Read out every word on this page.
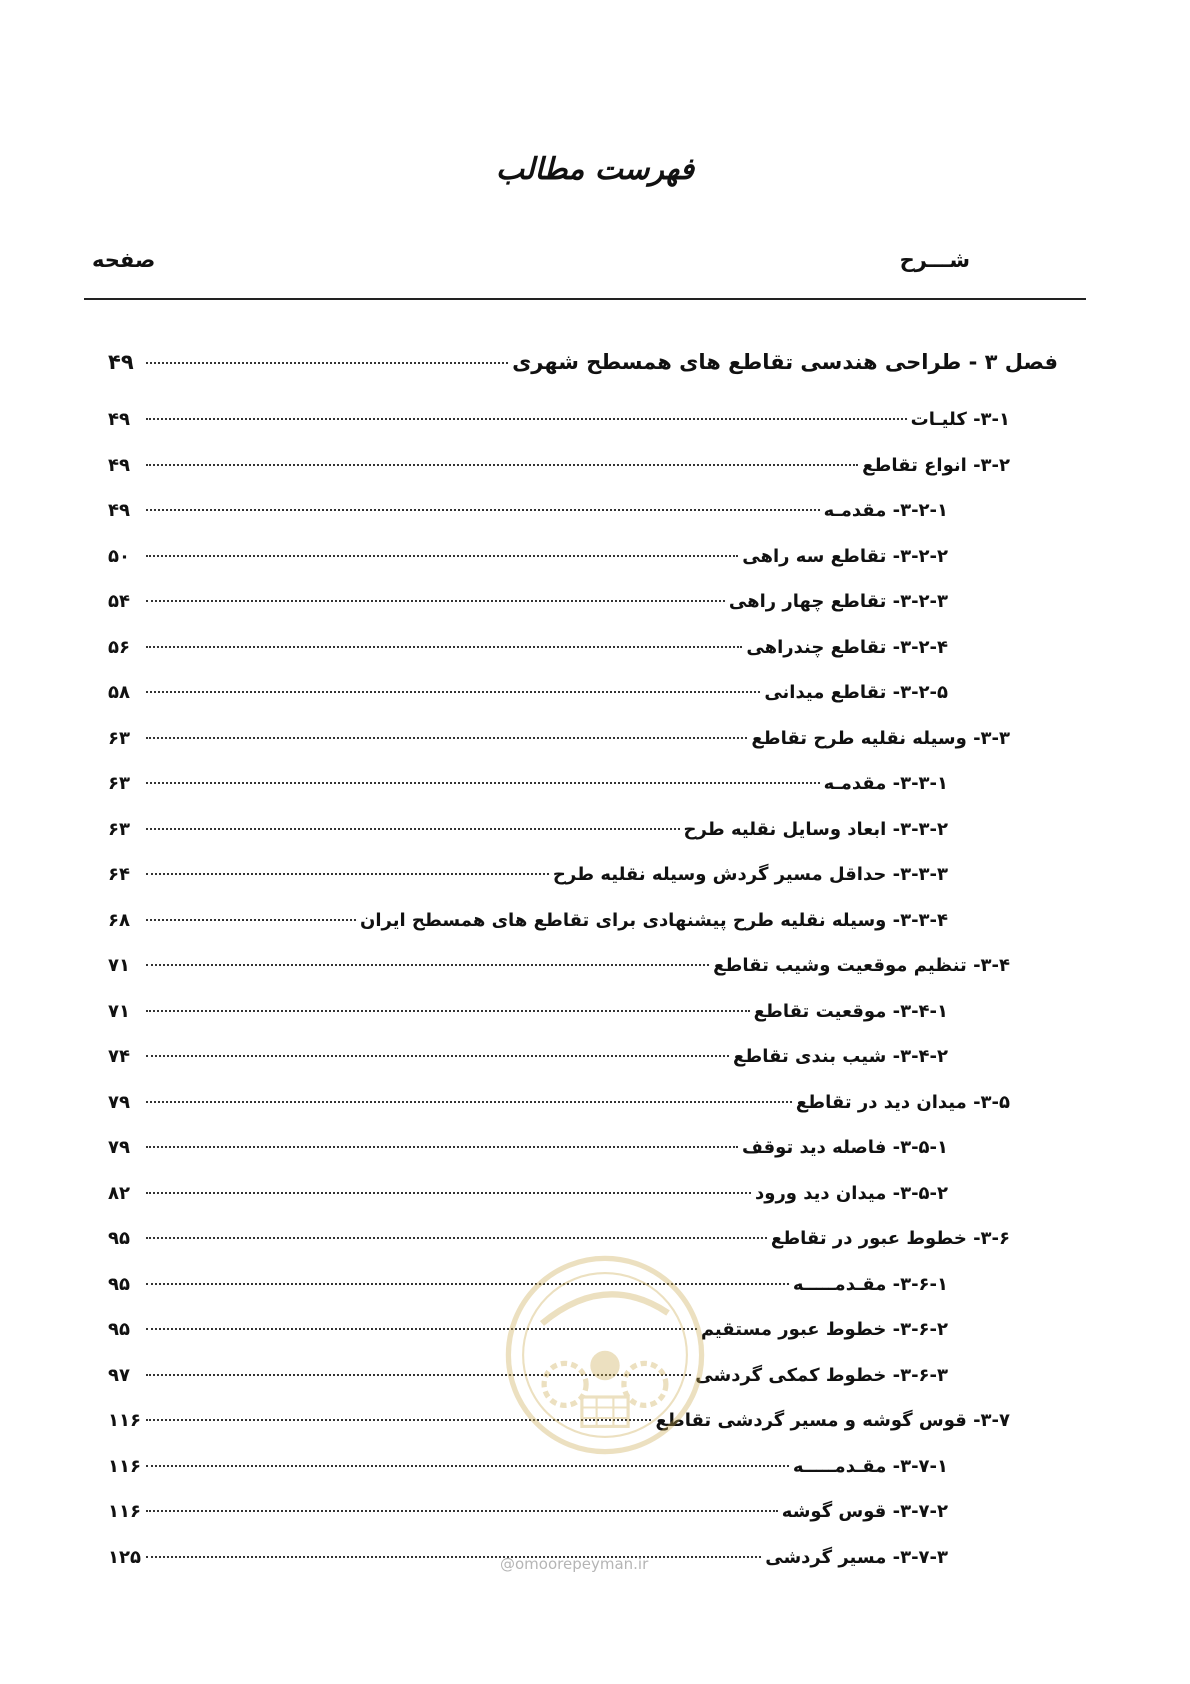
فهرست مطالب
شـــرح
صفحه
فصل ۳ - طراحی هندسی تقاطع های همسطح شهری
۴۹
۳-۱- کلیـات
۴۹
۳-۲- انواع تقاطع
۴۹
۳-۲-۱- مقدمـه
۴۹
۳-۲-۲- تقاطع سه راهی
۵۰
۳-۲-۳- تقاطع چهار راهی
۵۴
۳-۲-۴- تقاطع چندراهی
۵۶
۳-۲-۵- تقاطع میدانی
۵۸
۳-۳- وسیله نقلیه طرح تقاطع
۶۳
۳-۳-۱- مقدمـه
۶۳
۳-۳-۲- ابعاد وسایل نقلیه طرح
۶۳
۳-۳-۳- حداقل مسیر گردش وسیله نقلیه طرح
۶۴
۳-۳-۴- وسیله نقلیه طرح پیشنهادی برای تقاطع های همسطح ایران
۶۸
۳-۴- تنظیم موقعیت وشیب تقاطع
۷۱
۳-۴-۱- موقعیت تقاطع
۷۱
۳-۴-۲- شیب بندی تقاطع
۷۴
۳-۵- میدان دید در تقاطع
۷۹
۳-۵-۱- فاصله دید توقف
۷۹
۳-۵-۲- میدان دید ورود
۸۲
۳-۶- خطوط عبور در تقاطع
۹۵
۳-۶-۱- مقـدمـــــه
۹۵
۳-۶-۲- خطوط عبور مستقیم
۹۵
۳-۶-۳- خطوط کمکی گردشی
۹۷
۳-۷- قوس گوشه و مسیر گردشی تقاطع
۱۱۶
۳-۷-۱- مقـدمـــــه
۱۱۶
۳-۷-۲- قوس گوشه
۱۱۶
۳-۷-۳- مسیر گردشی
۱۲۵	@omoorepeyman.ir
